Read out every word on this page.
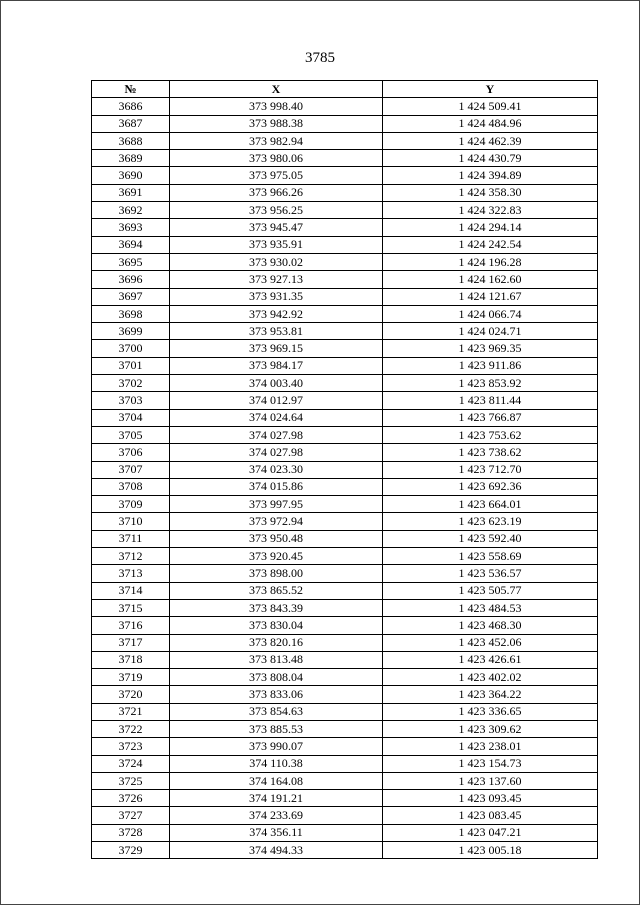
3785
№	X	Y
3686	373 998.40	1 424 509.41
3687	373 988.38	1 424 484.96
3688	373 982.94	1 424 462.39
3689	373 980.06	1 424 430.79
3690	373 975.05	1 424 394.89
3691	373 966.26	1 424 358.30
3692	373 956.25	1 424 322.83
3693	373 945.47	1 424 294.14
3694	373 935.91	1 424 242.54
3695	373 930.02	1 424 196.28
3696	373 927.13	1 424 162.60
3697	373 931.35	1 424 121.67
3698	373 942.92	1 424 066.74
3699	373 953.81	1 424 024.71
3700	373 969.15	1 423 969.35
3701	373 984.17	1 423 911.86
3702	374 003.40	1 423 853.92
3703	374 012.97	1 423 811.44
3704	374 024.64	1 423 766.87
3705	374 027.98	1 423 753.62
3706	374 027.98	1 423 738.62
3707	374 023.30	1 423 712.70
3708	374 015.86	1 423 692.36
3709	373 997.95	1 423 664.01
3710	373 972.94	1 423 623.19
3711	373 950.48	1 423 592.40
3712	373 920.45	1 423 558.69
3713	373 898.00	1 423 536.57
3714	373 865.52	1 423 505.77
3715	373 843.39	1 423 484.53
3716	373 830.04	1 423 468.30
3717	373 820.16	1 423 452.06
3718	373 813.48	1 423 426.61
3719	373 808.04	1 423 402.02
3720	373 833.06	1 423 364.22
3721	373 854.63	1 423 336.65
3722	373 885.53	1 423 309.62
3723	373 990.07	1 423 238.01
3724	374 110.38	1 423 154.73
3725	374 164.08	1 423 137.60
3726	374 191.21	1 423 093.45
3727	374 233.69	1 423 083.45
3728	374 356.11	1 423 047.21
3729	374 494.33	1 423 005.18
